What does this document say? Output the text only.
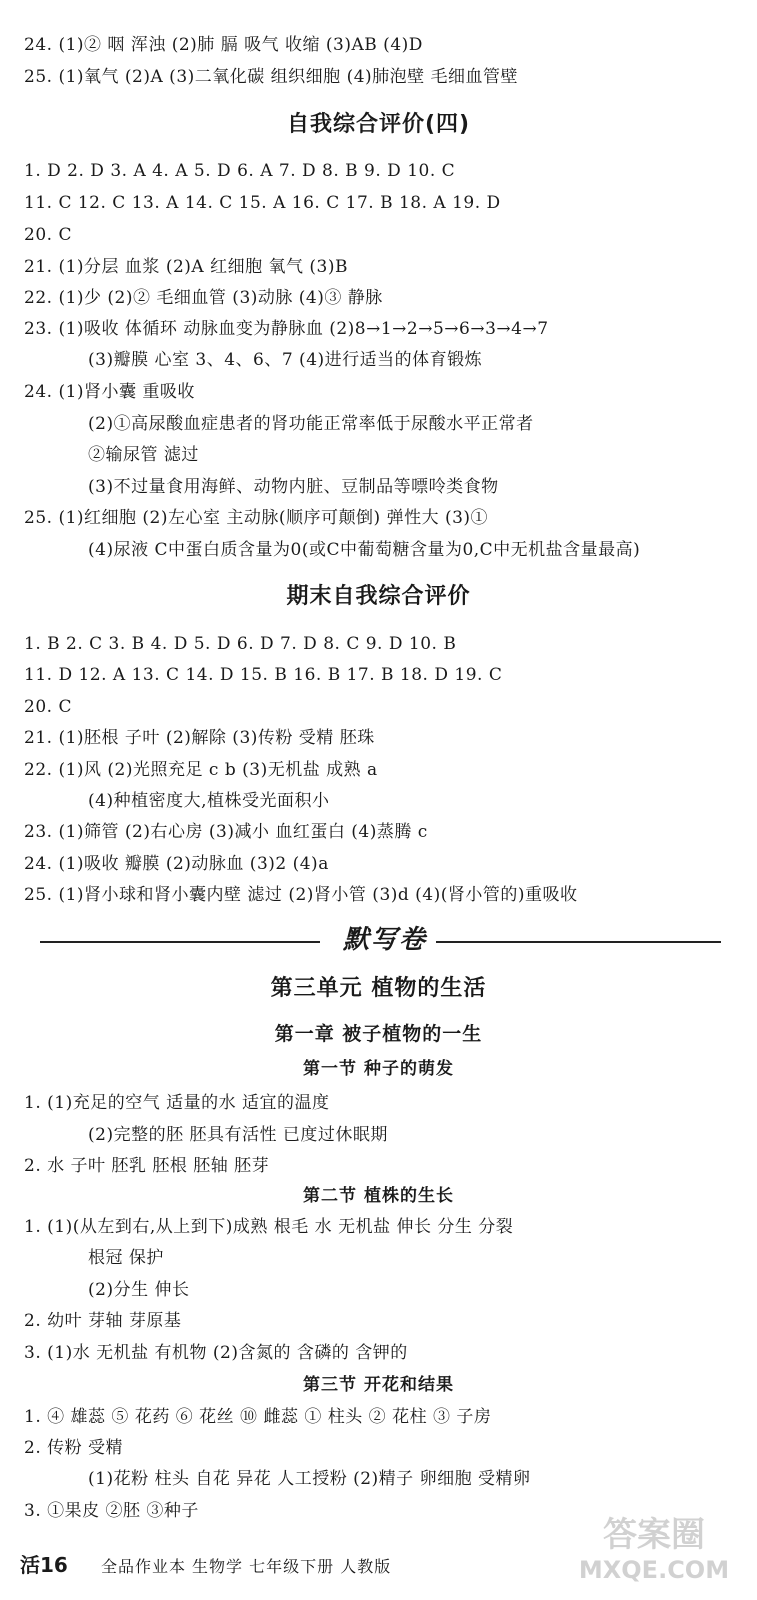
24. (1)② 咽 浑浊 (2)肺 膈 吸气 收缩 (3)AB (4)D
25. (1)氧气 (2)A (3)二氧化碳 组织细胞 (4)肺泡壁 毛细血管壁
自我综合评价(四)
1. D 2. D 3. A 4. A 5. D 6. A 7. D 8. B 9. D 10. C
11. C 12. C 13. A 14. C 15. A 16. C 17. B 18. A 19. D
20. C
21. (1)分层 血浆 (2)A 红细胞 氧气 (3)B
22. (1)少 (2)② 毛细血管 (3)动脉 (4)③ 静脉
23. (1)吸收 体循环 动脉血变为静脉血 (2)8→1→2→5→6→3→4→7
(3)瓣膜 心室 3、4、6、7 (4)进行适当的体育锻炼
24. (1)肾小囊 重吸收
(2)①高尿酸血症患者的肾功能正常率低于尿酸水平正常者
②输尿管 滤过
(3)不过量食用海鲜、动物内脏、豆制品等嘌呤类食物
25. (1)红细胞 (2)左心室 主动脉(顺序可颠倒) 弹性大 (3)①
(4)尿液 C中蛋白质含量为0(或C中葡萄糖含量为0,C中无机盐含量最高)
期末自我综合评价
1. B 2. C 3. B 4. D 5. D 6. D 7. D 8. C 9. D 10. B
11. D 12. A 13. C 14. D 15. B 16. B 17. B 18. D 19. C
20. C
21. (1)胚根 子叶 (2)解除 (3)传粉 受精 胚珠
22. (1)风 (2)光照充足 c b (3)无机盐 成熟 a
(4)种植密度大,植株受光面积小
23. (1)筛管 (2)右心房 (3)减小 血红蛋白 (4)蒸腾 c
24. (1)吸收 瓣膜 (2)动脉血 (3)2 (4)a
25. (1)肾小球和肾小囊内壁 滤过 (2)肾小管 (3)d (4)(肾小管的)重吸收
默写卷
第三单元 植物的生活
第一章 被子植物的一生
第一节 种子的萌发
1. (1)充足的空气 适量的水 适宜的温度
(2)完整的胚 胚具有活性 已度过休眠期
2. 水 子叶 胚乳 胚根 胚轴 胚芽
第二节 植株的生长
1. (1)(从左到右,从上到下)成熟 根毛 水 无机盐 伸长 分生 分裂
根冠 保护
(2)分生 伸长
2. 幼叶 芽轴 芽原基
3. (1)水 无机盐 有机物 (2)含氮的 含磷的 含钾的
第三节 开花和结果
1. ④ 雄蕊 ⑤ 花药 ⑥ 花丝 ⑩ 雌蕊 ① 柱头 ② 花柱 ③ 子房
2. 传粉 受精
(1)花粉 柱头 自花 异花 人工授粉 (2)精子 卵细胞 受精卵
3. ①果皮 ②胚 ③种子
活16 全品作业本 生物学 七年级下册 人教版
答案圈
MXQE.COM
